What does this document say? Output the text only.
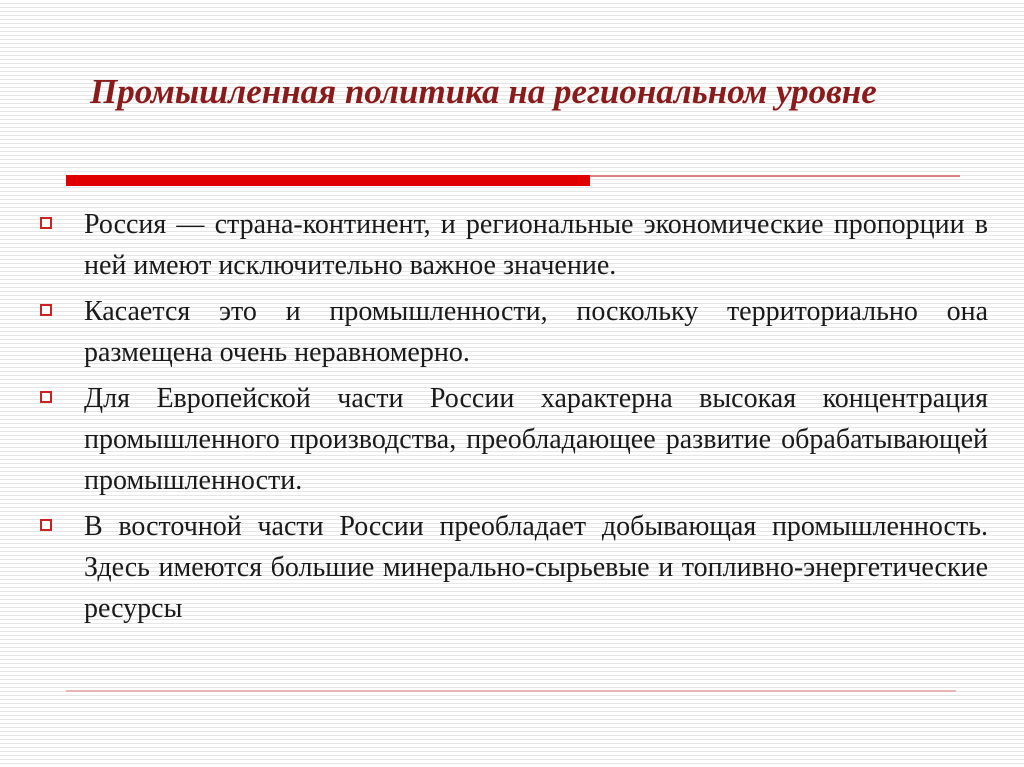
Промышленная политика на региональном уровне
Россия — страна-континент, и региональные экономические пропорции в ней имеют исключительно важное значение.
Касается это и промышленности, поскольку территориально она размещена очень неравномерно.
Для Европейской части России характерна высокая концентрация промышленного производства, преобладающее развитие обрабатывающей промышленности.
В восточной части России преобладает добывающая промышленность. Здесь имеются большие минерально-сырьевые и топливно-энергетические ресурсы
